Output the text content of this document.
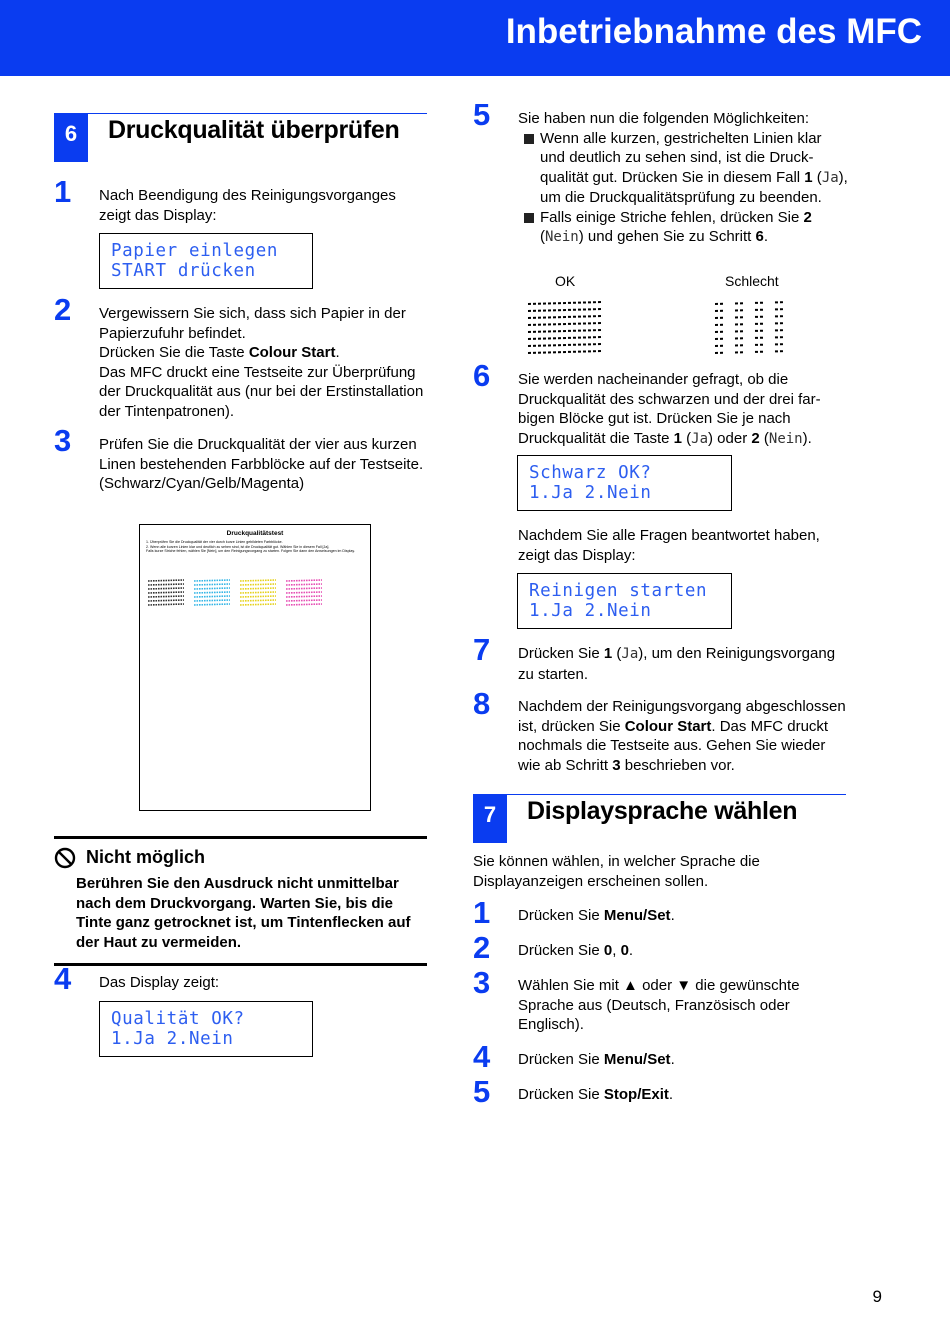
Inbetriebnahme des MFC
6	Druckqualität überprüfen
1 Nach Beendigung des Reinigungsvorganges zeigt das Display:

Papier einlegen
START drücken
2 Vergewissern Sie sich, dass sich Papier in der Papierzufuhr befindet.

Drücken Sie die Taste Colour Start.

Das MFC druckt eine Testseite zur Überprüfung der Druckqualität aus (nur bei der Erstinstallation der Tintenpatronen).

3 Prüfen Sie die Druckqualität der vier aus kurzen Linen bestehenden Farbblöcke auf der Testseite.

(Schwarz/Cyan/Gelb/Magenta)

Druckqualitätstest
1. Überprüfen Sie die Druckqualität der vier durch kurze Linien gebildeten Farbblöcke.
2. Wenn alle kurzen Linien klar und deutlich zu sehen sind, ist die Druckqualität gut. Wählen Sie in diesem Fall [Ja].
Falls kurze Striche fehlen, wählen Sie [Nein], um den Reinigungsvorgang zu starten. Folgen Sie dann den Anweisungen im Display.
Nicht möglich
Berühren Sie den Ausdruck nicht unmittelbar nach dem Druckvorgang. Warten Sie, bis die Tinte ganz getrocknet ist, um Tintenflecken auf der Haut zu vermeiden.
4 Das Display zeigt:

Qualität OK?
1.Ja 2.Nein
5 Sie haben nun die folgenden Möglichkeiten:

Wenn alle kurzen, gestrichelten Linien klar und deutlich zu sehen sind, ist die Druckqualität gut. Drücken Sie in diesem Fall 1 (Ja), um die Druckqualitätsprüfung zu beenden.
Falls einige Striche fehlen, drücken Sie 2 (Nein) und gehen Sie zu Schritt 6.
OK	Schlecht
6 Sie werden nacheinander gefragt, ob die Druckqualität des schwarzen und der drei farbigen Blöcke gut ist. Drücken Sie je nach Druckqualität die Taste 1 (Ja) oder 2 (Nein).

Schwarz OK?
1.Ja 2.Nein

Nachdem Sie alle Fragen beantwortet haben, zeigt das Display:

Reinigen starten
1.Ja 2.Nein
7 Drücken Sie 1 (Ja), um den Reinigungsvorgang zu starten.

8 Nachdem der Reinigungsvorgang abgeschlossen ist, drücken Sie Colour Start. Das MFC druckt nochmals die Testseite aus. Gehen Sie wieder wie ab Schritt 3 beschrieben vor.

7	Displaysprache wählen

Sie können wählen, in welcher Sprache die Displayanzeigen erscheinen sollen.

1 Drücken Sie Menu/Set.

2 Drücken Sie 0, 0.

3 Wählen Sie mit ▲ oder ▼ die gewünschte Sprache aus (Deutsch, Französisch oder Englisch).

4 Drücken Sie Menu/Set.

5 Drücken Sie Stop/Exit.

9
